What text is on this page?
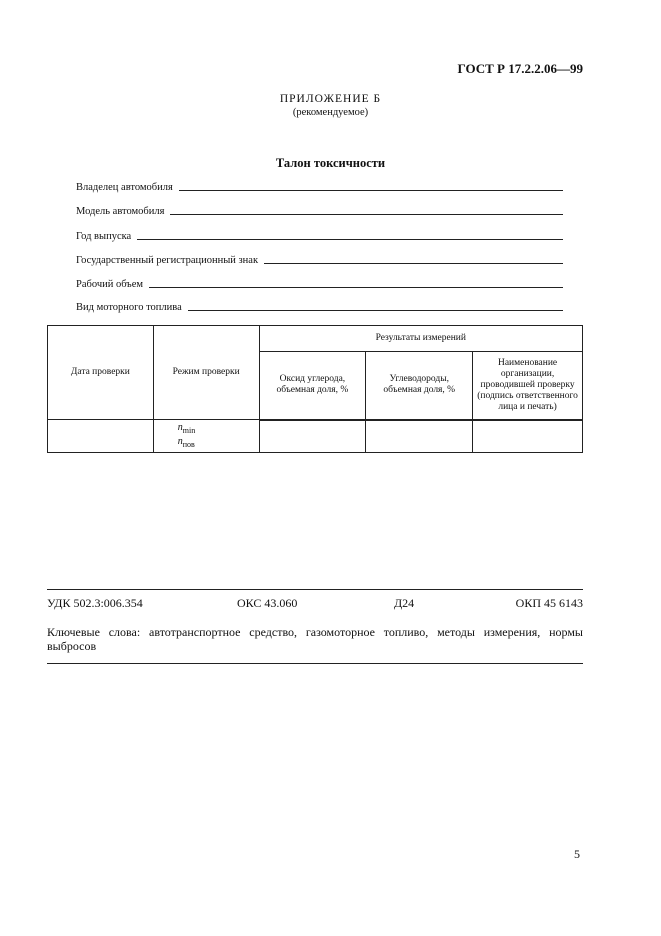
ГОСТ Р 17.2.2.06—99
ПРИЛОЖЕНИЕ Б
(рекомендуемое)
Талон токсичности
Владелец автомобиля
Модель автомобиля
Год выпуска
Государственный регистрационный знак
Рабочий объем
Вид моторного топлива
Дата проверки	Режим проверки	Результаты измерений		
		Оксид углерода, объемная доля, %	Углеводороды, объемная доля, %	Наименование организации, проводившей проверку (подпись ответственного лица и печать)
	$n_{min}$
$n_{пов}$			
УДК 502.3:006.354	ОКС 43.060	Д24	ОКП 45 6143
Ключевые слова: автотранспортное средство, газомоторное топливо, методы измерения, нормы выбросов
5
